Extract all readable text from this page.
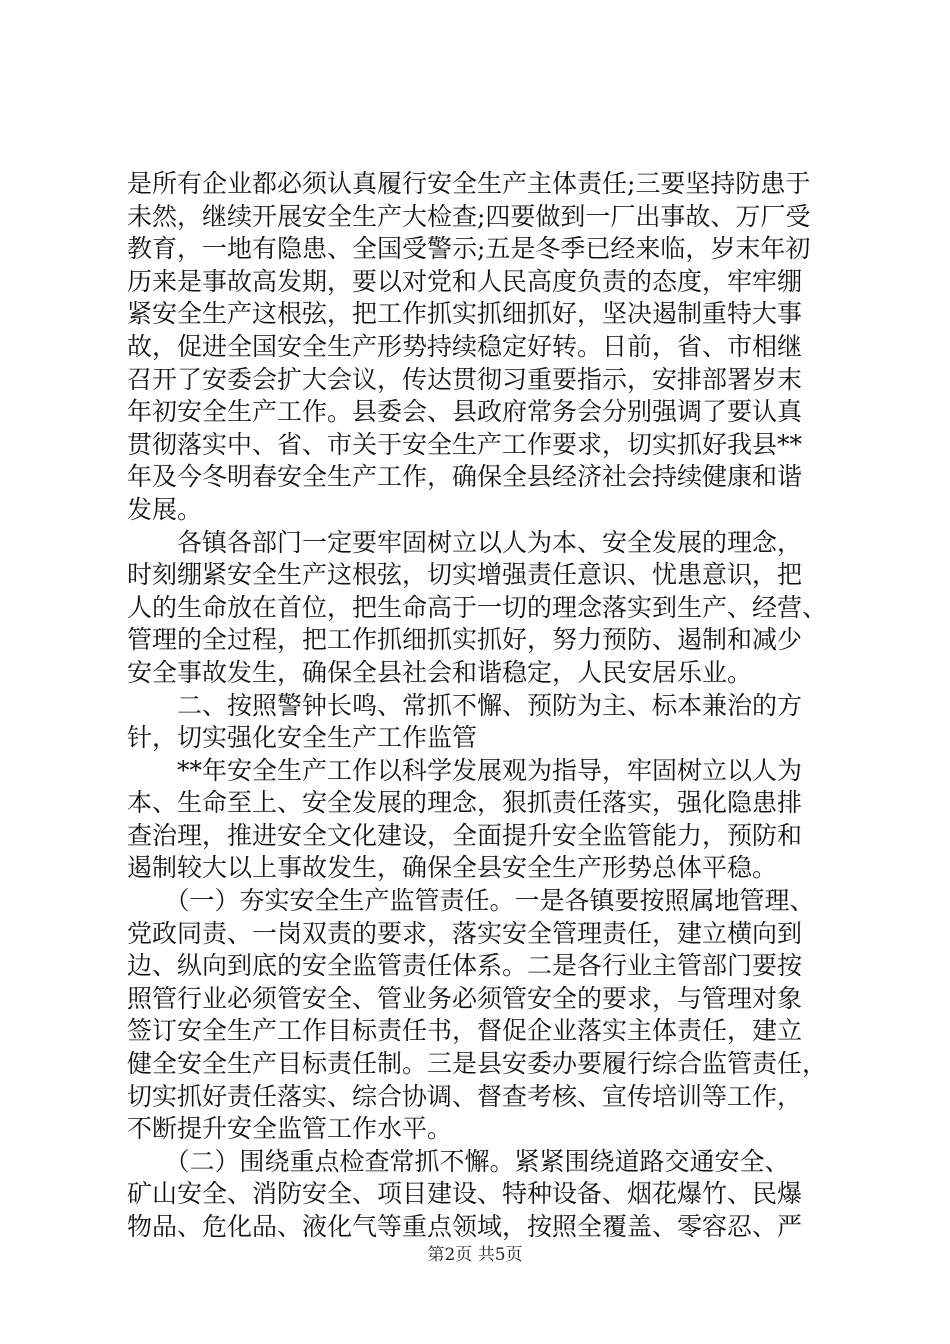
是所有企业都必须认真履行安全生产主体责任;三要坚持防患于
未然，继续开展安全生产大检查;四要做到一厂出事故、万厂受
教育，一地有隐患、全国受警示;五是冬季已经来临，岁末年初
历来是事故高发期，要以对党和人民高度负责的态度，牢牢绷
紧安全生产这根弦，把工作抓实抓细抓好，坚决遏制重特大事
故，促进全国安全生产形势持续稳定好转。日前，省、市相继
召开了安委会扩大会议，传达贯彻习重要指示，安排部署岁末
年初安全生产工作。县委会、县政府常务会分别强调了要认真
贯彻落实中、省、市关于安全生产工作要求，切实抓好我县**
年及今冬明春安全生产工作，确保全县经济社会持续健康和谐
发展。
　　各镇各部门一定要牢固树立以人为本、安全发展的理念，
时刻绷紧安全生产这根弦，切实增强责任意识、忧患意识，把
人的生命放在首位，把生命高于一切的理念落实到生产、经营、
管理的全过程，把工作抓细抓实抓好，努力预防、遏制和减少
安全事故发生，确保全县社会和谐稳定，人民安居乐业。
　　二、按照警钟长鸣、常抓不懈、预防为主、标本兼治的方
针，切实强化安全生产工作监管
　　**年安全生产工作以科学发展观为指导，牢固树立以人为
本、生命至上、安全发展的理念，狠抓责任落实，强化隐患排
查治理，推进安全文化建设，全面提升安全监管能力，预防和
遏制较大以上事故发生，确保全县安全生产形势总体平稳。
　　（一）夯实安全生产监管责任。一是各镇要按照属地管理、
党政同责、一岗双责的要求，落实安全管理责任，建立横向到
边、纵向到底的安全监管责任体系。二是各行业主管部门要按
照管行业必须管安全、管业务必须管安全的要求，与管理对象
签订安全生产工作目标责任书，督促企业落实主体责任，建立
健全安全生产目标责任制。三是县安委办要履行综合监管责任，
切实抓好责任落实、综合协调、督查考核、宣传培训等工作，
不断提升安全监管工作水平。
　　（二）围绕重点检查常抓不懈。紧紧围绕道路交通安全、
矿山安全、消防安全、项目建设、特种设备、烟花爆竹、民爆
物品、危化品、液化气等重点领域，按照全覆盖、零容忍、严
第2页 共5页
